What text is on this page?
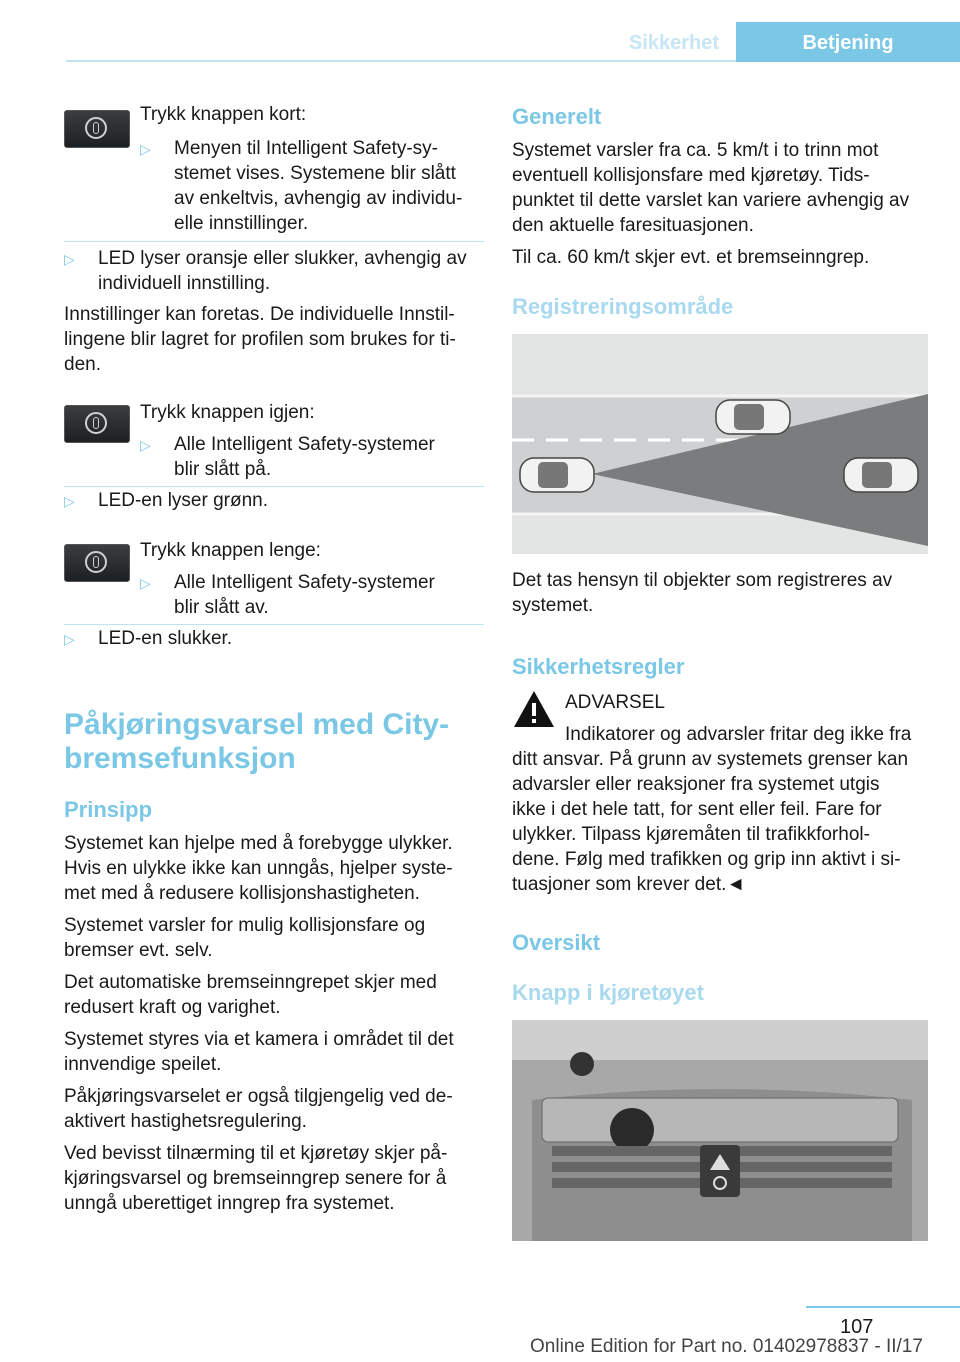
Sikkerhet	Betjening
Trykk knappen kort:
▷ Menyen til Intelligent Safety-sy-
stemet vises. Systemene blir slått
av enkeltvis, avhengig av individu-
elle innstillinger.
▷ LED lyser oransje eller slukker, avhengig av
individuell innstilling.
Innstillinger kan foretas. De individuelle Innstil-
lingene blir lagret for profilen som brukes for ti-
den.
Trykk knappen igjen:
▷ Alle Intelligent Safety-systemer
blir slått på.
▷ LED-en lyser grønn.
Trykk knappen lenge:
▷ Alle Intelligent Safety-systemer
blir slått av.
▷ LED-en slukker.
Påkjøringsvarsel med City-
bremsefunksjon
Prinsipp
Systemet kan hjelpe med å forebygge ulykker.
Hvis en ulykke ikke kan unngås, hjelper syste-
met med å redusere kollisjonshastigheten.
Systemet varsler for mulig kollisjonsfare og
bremser evt. selv.
Det automatiske bremseinngrepet skjer med
redusert kraft og varighet.
Systemet styres via et kamera i området til det
innvendige speilet.
Påkjøringsvarselet er også tilgjengelig ved de-
aktivert hastighetsregulering.
Ved bevisst tilnærming til et kjøretøy skjer på-
kjøringsvarsel og bremseinngrep senere for å
unngå uberettiget inngrep fra systemet.
Generelt
Systemet varsler fra ca. 5 km/t i to trinn mot
eventuell kollisjonsfare med kjøretøy. Tids-
punktet til dette varslet kan variere avhengig av
den aktuelle faresituasjonen.
Til ca. 60 km/t skjer evt. et bremseinngrep.
Registreringsområde
Det tas hensyn til objekter som registreres av
systemet.
Sikkerhetsregler
ADVARSEL
Indikatorer og advarsler fritar deg ikke fra
ditt ansvar. På grunn av systemets grenser kan
advarsler eller reaksjoner fra systemet utgis
ikke i det hele tatt, for sent eller feil. Fare for
ulykker. Tilpass kjøremåten til trafikkforhol-
dene. Følg med trafikken og grip inn aktivt i si-
tuasjoner som krever det.◄
Oversikt
Knapp i kjøretøyet
107
Online Edition for Part no. 01402978837 - II/17
